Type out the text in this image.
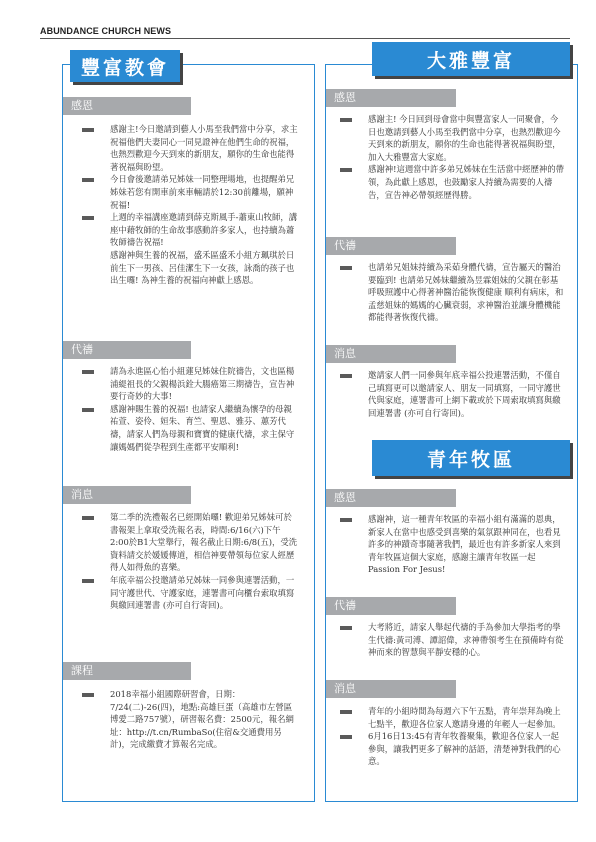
ABUNDANCE CHURCH NEWS
豐富教會
感恩
感謝主!今日邀請到藝人小馬至我們當中分享，求主祝福他們夫妻同心一同見證神在他們生命的祝福，也熱烈歡迎今天到來的新朋友，願你的生命也能得著祝福與盼望。
今日會後邀請弟兄姊妹一同整理場地，也提醒弟兄姊妹若您有開車前來車輛請於12:30前離場，願神祝福!
上週的幸福講座邀請到薛克斯風手-蕭東山牧師，講座中藉牧師的生命故事感動許多家人，也持續為蕭牧師禱告祝福!
感謝神與生養的祝福，盛禾區盛禾小組方珮琪於日前生下一男孩、呂佳潔生下一女孩，詠喬的孩子也出生囉! 為神生養的祝福向神獻上感恩。
代禱
請為永進區心怡小組蓮兒姊妹住院禱告，文也區楊浦緹祖長的父親楊浜銓大腸癌第三期禱告，宣告神要行奇妙的大事!
感謝神賜生養的祝福! 也請家人繼續為懷孕的母親祐萱、姿伶、姮朱、育竺、聖恩、雅芬、蕙芳代禱，請家人們為母親和寶寶的健康代禱，求主保守讓媽媽們從孕程到生產都平安順利!
消息
第二季的洗禮報名已經開始囉! 歡迎弟兄姊妹可於書報架上拿取受洗報名表，時間:6/16(六)下午2:00於B1大堂舉行，報名截止日期:6/8(五)，受洗資料請交於媛媛傳道，相信神要帶領每位家人經歷得人如得魚的喜樂。
年底幸福公投邀請弟兄姊妹一同參與連署活動，一同守護世代、守護家庭，連署書可向櫃台索取填寫與繳回連署書 (亦可自行寄回)。
課程
2018幸福小組國際研習會，日期：7/24(二)-26(四)，地點:高雄巨蛋（高雄市左營區博愛二路757號），研習報名費：2500元，報名網址：http://t.cn/RumbaSo(住宿&交通費用另計)，完成繳費才算報名完成。
大雅豐富
感恩
感謝主! 今日回到母會當中與豐富家人一同聚會，今日也邀請到藝人小馬至我們當中分享，也熱烈歡迎今天到來的新朋友，願你的生命也能得著祝福與盼望，加入大雅豐富大家庭。
感謝神!這週當中許多弟兄姊妹在生活當中經歷神的帶領，為此獻上感恩，也鼓勵家人持續為需要的人禱告，宣告神必帶領經歷得勝。
代禱
也請弟兄姐妹持續為采茹身體代禱，宣告屬天的醫治要臨到! 也請弟兄姊妹繼續為昱霖姐妹的父親在彰基呼吸照護中心得著神醫治能恢復健康 順利有病床，和孟慈姐妹的媽媽的心臟衰弱，求神醫治並讓身體機能都能得著恢復代禱。
消息
邀請家人們一同參與年底幸福公投連署活動，不僅自己填寫更可以邀請家人、朋友一同填寫，一同守護世代與家庭，連署書可上網下載或於下周索取填寫與繳回連署書 (亦可自行寄回)。
青年牧區
感恩
感謝神，這一種青年牧區的幸福小組有滿滿的恩典，新家人在當中也感受到喜樂的氣氛跟神同在，也看見許多的神蹟奇事隨著我們，最近也有許多新家人來到青年牧區這個大家庭，感謝主讓青年牧區一起Passion For Jesus!
代禱
大考將近，請家人舉起代禱的手為參加大學指考的學生代禱:黃司溥、譚詔偉，求神帶領考生在預備時有從神而來的智慧與平靜安穩的心。
消息
青年的小組時間為每週六下午五點，青年崇拜為晚上七點半，歡迎各位家人邀請身邊的年輕人一起參加。
6月16日13:45有青年牧養聚集，歡迎各位家人一起參與，讓我們更多了解神的話語，清楚神對我們的心意。
